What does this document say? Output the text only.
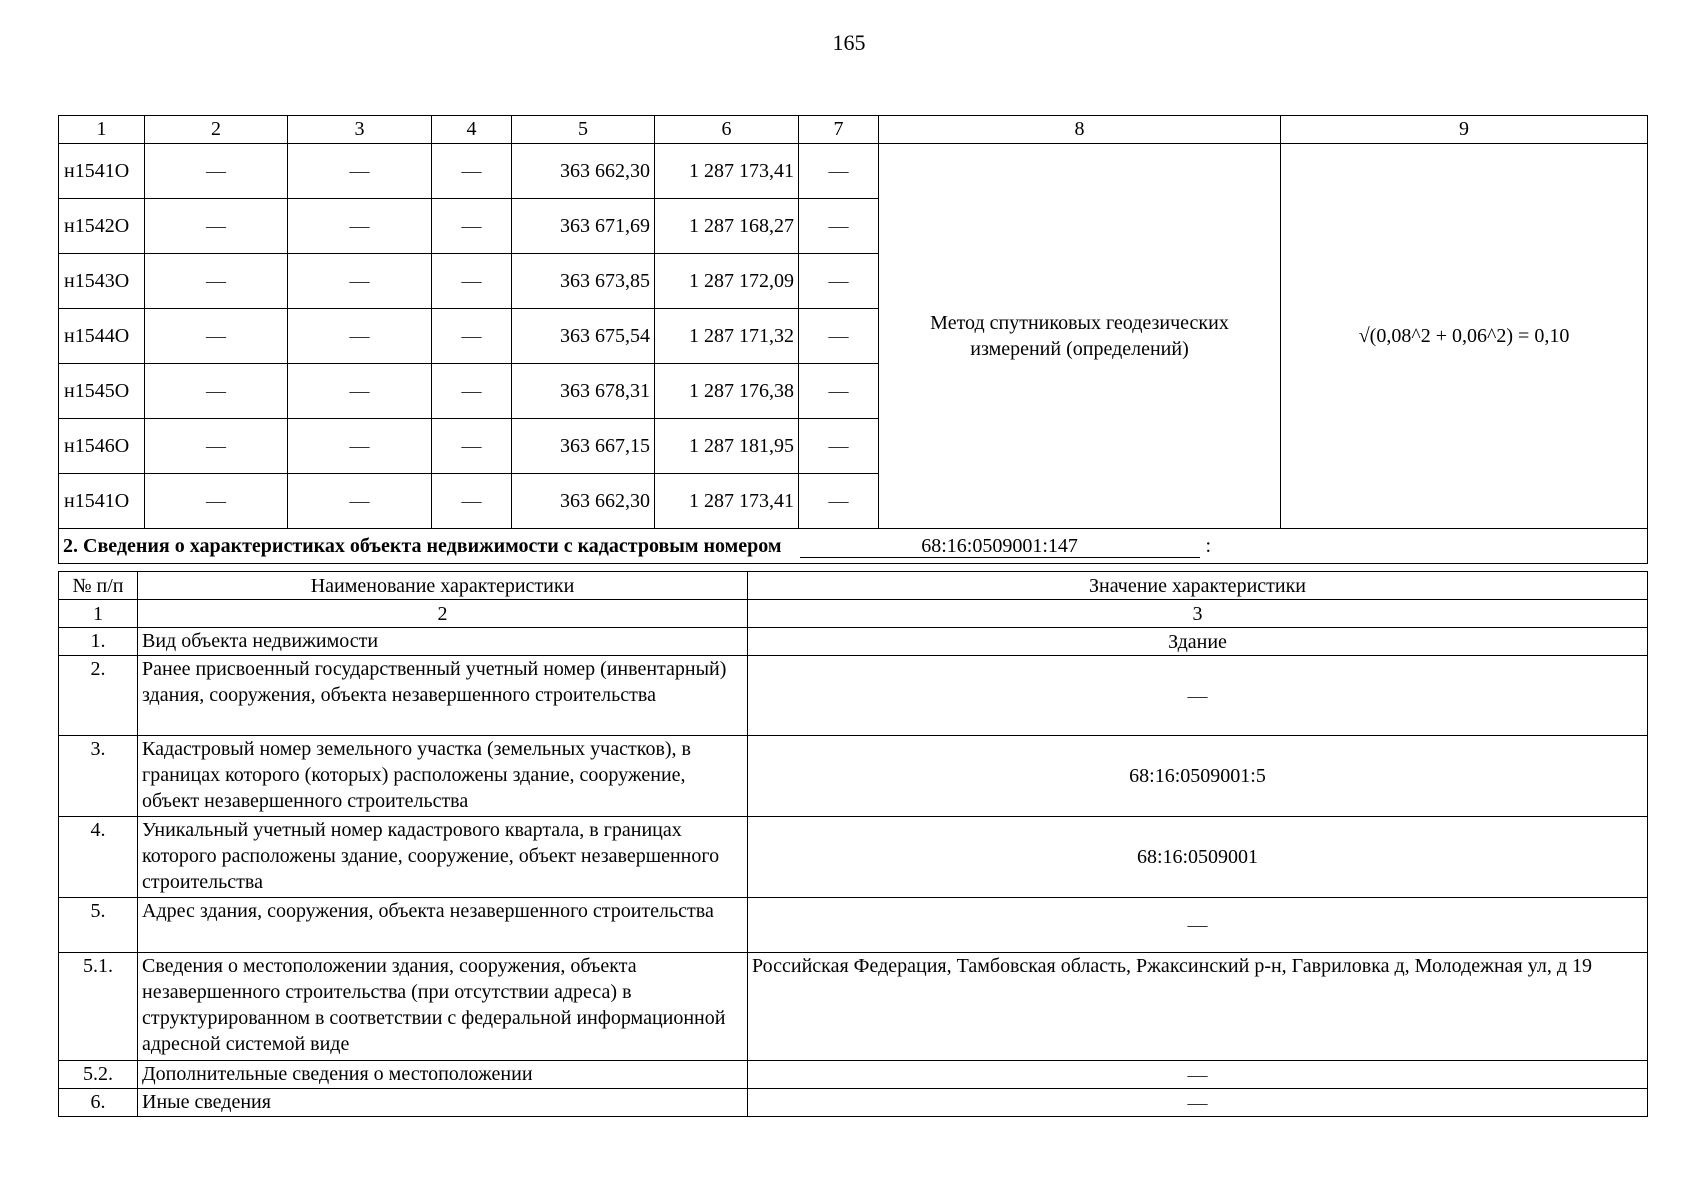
165
1	2	3	4	5	6	7	8	9
н1541О	—	—	—	363 662,30	1 287 173,41	—	Метод спутниковых геодезических измерений (определений)	√(0,08^2 + 0,06^2) = 0,10
н1542О	—	—	—	363 671,69	1 287 168,27	—		
н1543О	—	—	—	363 673,85	1 287 172,09	—		
н1544О	—	—	—	363 675,54	1 287 171,32	—		
н1545О	—	—	—	363 678,31	1 287 176,38	—		
н1546О	—	—	—	363 667,15	1 287 181,95	—		
н1541О	—	—	—	363 662,30	1 287 173,41	—		
2. Сведения о характеристиках объекта недвижимости с кадастровым номером 68:16:0509001:147 :								
№ п/п	Наименование характеристики	Значение характеристики
1	2	3
1.	Вид объекта недвижимости	Здание
2.	Ранее присвоенный государственный учетный номер (инвентарный) здания, сооружения, объекта незавершенного строительства	—
3.	Кадастровый номер земельного участка (земельных участков), в границах которого (которых) расположены здание, сооружение, объект незавершенного строительства	68:16:0509001:5
4.	Уникальный учетный номер кадастрового квартала, в границах которого расположены здание, сооружение, объект незавершенного строительства	68:16:0509001
5.	Адрес здания, сооружения, объекта незавершенного строительства	—
5.1.	Сведения о местоположении здания, сооружения, объекта незавершенного строительства (при отсутствии адреса) в структурированном в соответствии с федеральной информационной адресной системой виде	Российская Федерация, Тамбовская область, Ржаксинский р-н, Гавриловка д, Молодежная ул, д 19
5.2.	Дополнительные сведения о местоположении	—
6.	Иные сведения	—
